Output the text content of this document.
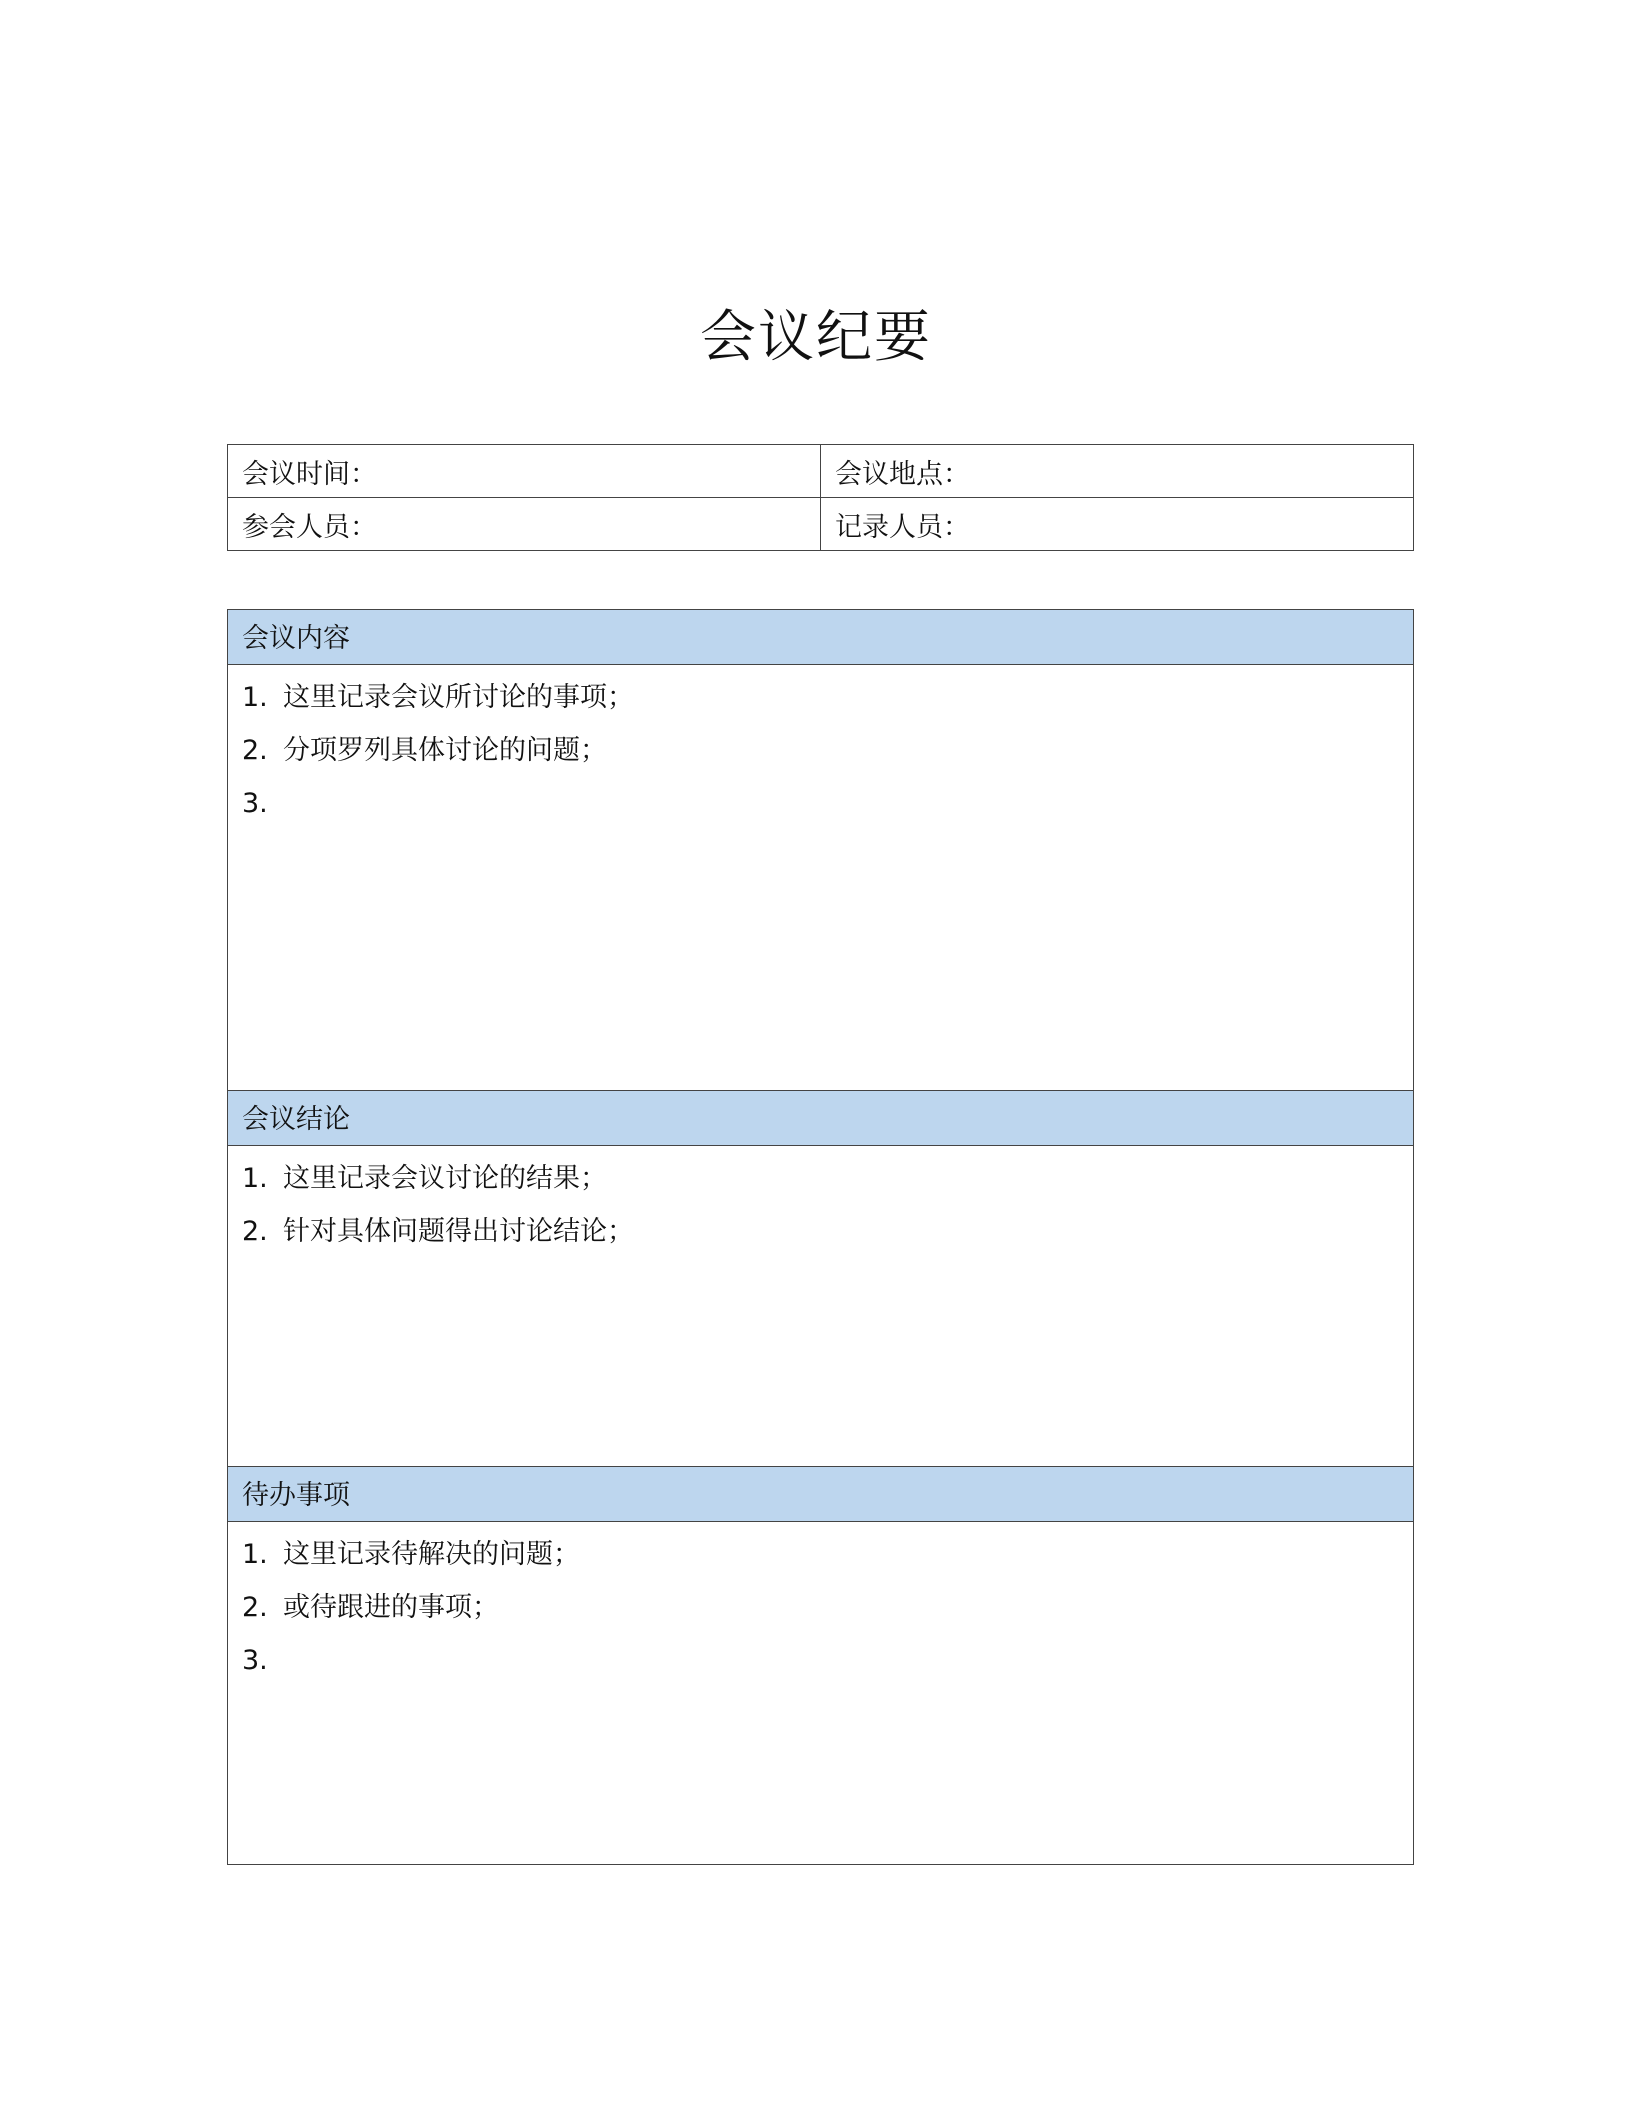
会议纪要
会议时间：	会议地点：
参会人员：	记录人员：
会议内容
1. 这里记录会议所讨论的事项；
2. 分项罗列具体讨论的问题；
3.
会议结论
1. 这里记录会议讨论的结果；
2. 针对具体问题得出讨论结论；
待办事项
1. 这里记录待解决的问题；
2. 或待跟进的事项；
3.
